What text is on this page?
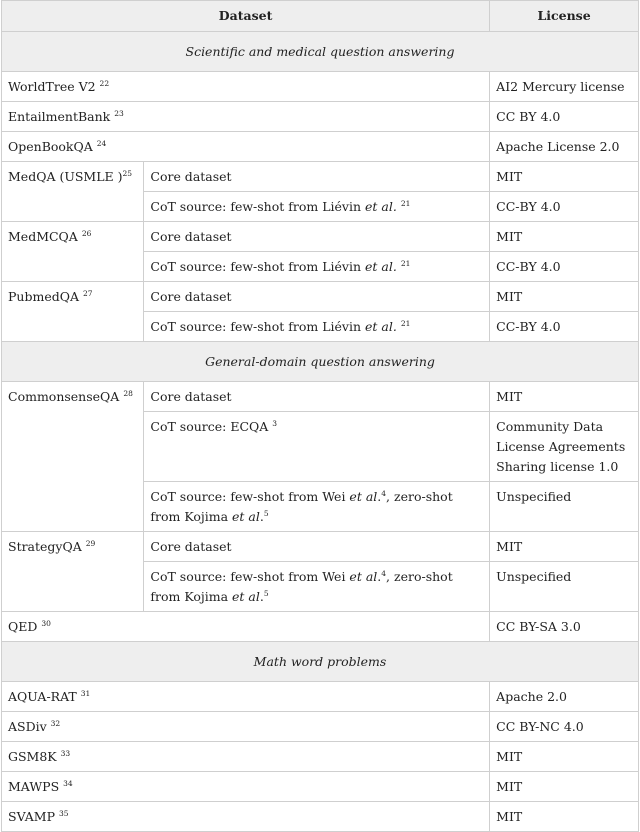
Dataset		License
Scientific and medical question answering		
WorldTree V2 $^{22}$		AI2 Mercury license
EntailmentBank $^{23}$		CC BY 4.0
OpenBookQA $^{24}$		Apache License 2.0
MedQA (USMLE )$^{25}$	Core dataset	MIT
	CoT source: few-shot from Liévin et al. $^{21}$	CC-BY 4.0
MedMCQA $^{26}$	Core dataset	MIT
	CoT source: few-shot from Liévin et al. $^{21}$	CC-BY 4.0
PubmedQA $^{27}$	Core dataset	MIT
	CoT source: few-shot from Liévin et al. $^{21}$	CC-BY 4.0
General-domain question answering		
CommonsenseQA $^{28}$	Core dataset	MIT
	CoT source: ECQA $^3$	Community Data License Agreements Sharing license 1.0
	CoT source: few-shot from Wei et al.$^4$, zero-shot from Kojima et al.$^5$	Unspecified
StrategyQA $^{29}$	Core dataset	MIT
	CoT source: few-shot from Wei et al.$^4$, zero-shot from Kojima et al.$^5$	Unspecified
QED $^{30}$		CC BY-SA 3.0
Math word problems		
AQUA-RAT $^{31}$		Apache 2.0
ASDiv $^{32}$		CC BY-NC 4.0
GSM8K $^{33}$		MIT
MAWPS $^{34}$		MIT
SVAMP $^{35}$		MIT
